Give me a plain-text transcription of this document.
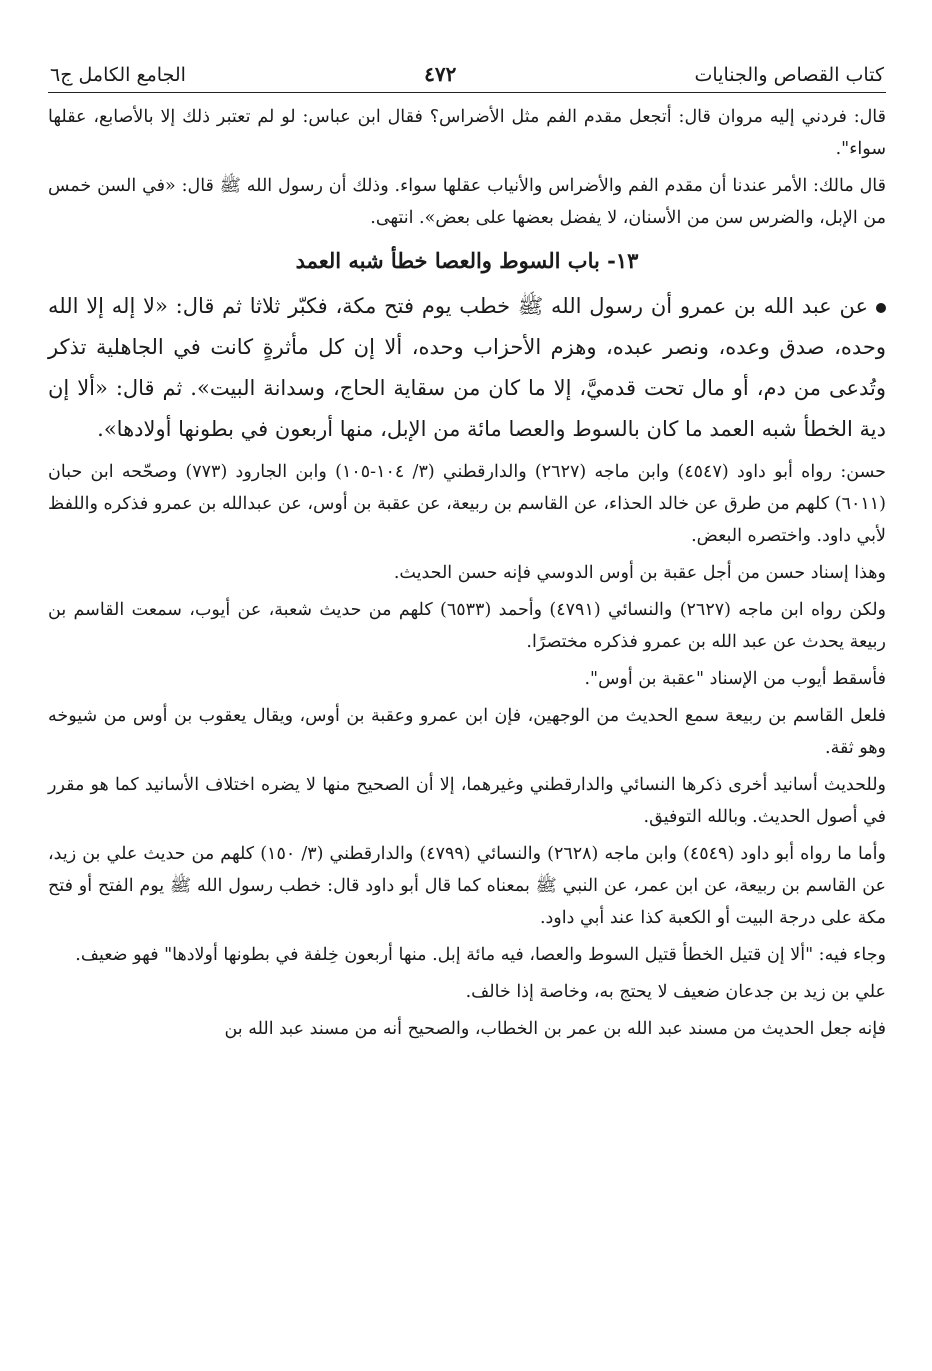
كتاب القصاص والجنايات
٤٧٢
الجامع الكامل ج٦

قال: فردني إليه مروان قال: أتجعل مقدم الفم مثل الأضراس؟ فقال ابن عباس: لو لم تعتبر ذلك إلا بالأصابع، عقلها سواء".

قال مالك: الأمر عندنا أن مقدم الفم والأضراس والأنياب عقلها سواء. وذلك أن رسول الله ﷺ قال: «في السن خمس من الإبل، والضرس سن من الأسنان، لا يفضل بعضها على بعض». انتهى.

١٣- باب السوط والعصا خطأ شبه العمد

عن عبد الله بن عمرو أن رسول الله ﷺ خطب يوم فتح مكة، فكبّر ثلاثا ثم قال: «لا إله إلا الله وحده، صدق وعده، ونصر عبده، وهزم الأحزاب وحده، ألا إن كل مأثرةٍ كانت في الجاهلية تذكر وتُدعى من دم، أو مال تحت قدميَّ، إلا ما كان من سقاية الحاج، وسدانة البيت». ثم قال: «ألا إن دية الخطأ شبه العمد ما كان بالسوط والعصا مائة من الإبل، منها أربعون في بطونها أولادها».

حسن: رواه أبو داود (٤٥٤٧) وابن ماجه (٢٦٢٧) والدارقطني (٣/ ١٠٤-١٠٥) وابن الجارود (٧٧٣) وصحّحه ابن حبان (٦٠١١) كلهم من طرق عن خالد الحذاء، عن القاسم بن ربيعة، عن عقبة بن أوس، عن عبدالله بن عمرو فذكره واللفظ لأبي داود. واختصره البعض.

وهذا إسناد حسن من أجل عقبة بن أوس الدوسي فإنه حسن الحديث.

ولكن رواه ابن ماجه (٢٦٢٧) والنسائي (٤٧٩١) وأحمد (٦٥٣٣) كلهم من حديث شعبة، عن أيوب، سمعت القاسم بن ربيعة يحدث عن عبد الله بن عمرو فذكره مختصرًا.

فأسقط أيوب من الإسناد "عقبة بن أوس".

فلعل القاسم بن ربيعة سمع الحديث من الوجهين، فإن ابن عمرو وعقبة بن أوس، ويقال يعقوب بن أوس من شيوخه وهو ثقة.

وللحديث أسانيد أخرى ذكرها النسائي والدارقطني وغيرهما، إلا أن الصحيح منها لا يضره اختلاف الأسانيد كما هو مقرر في أصول الحديث. وبالله التوفيق.

وأما ما رواه أبو داود (٤٥٤٩) وابن ماجه (٢٦٢٨) والنسائي (٤٧٩٩) والدارقطني (٣/ ١٥٠) كلهم من حديث علي بن زيد، عن القاسم بن ربيعة، عن ابن عمر، عن النبي ﷺ بمعناه كما قال أبو داود قال: خطب رسول الله ﷺ يوم الفتح أو فتح مكة على درجة البيت أو الكعبة كذا عند أبي داود.

وجاء فيه: "ألا إن قتيل الخطأ قتيل السوط والعصا، فيه مائة إبل. منها أربعون خِلفة في بطونها أولادها" فهو ضعيف.

علي بن زيد بن جدعان ضعيف لا يحتج به، وخاصة إذا خالف.

فإنه جعل الحديث من مسند عبد الله بن عمر بن الخطاب، والصحيح أنه من مسند عبد الله بن
